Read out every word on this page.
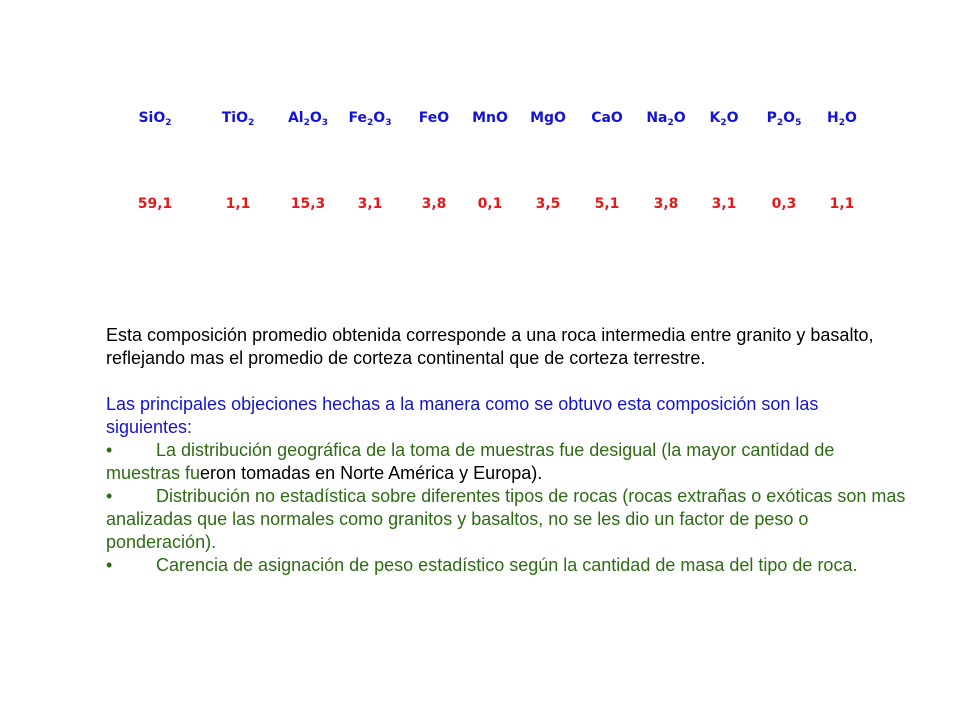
SiO$_2$	TiO$_2$ $Al_2O_3$ $Fe_2O_3$ FeO MnO MgO CaO $Na_2O$ $K_2O$ $P_2O_5$ $H_2O$
59,1	1,1	15,3 3,1	3,8 0,1 3,5 5,1 3,8 3,1	0,3 1,1
Esta composición promedio obtenida corresponde a una roca intermedia entre granito y basalto, reflejando mas el promedio de corteza continental que de corteza terrestre.
Las principales objeciones hechas a la manera como se obtuvo esta composición son las siguientes:
• La distribución geográfica de la toma de muestras fue desigual (la mayor cantidad de muestras fueron tomadas en Norte América y Europa).
• Distribución no estadística sobre diferentes tipos de rocas (rocas extrañas o exóticas son mas analizadas que las normales como granitos y basaltos, no se les dio un factor de peso o ponderación).
• Carencia de asignación de peso estadístico según la cantidad de masa del tipo de roca.
